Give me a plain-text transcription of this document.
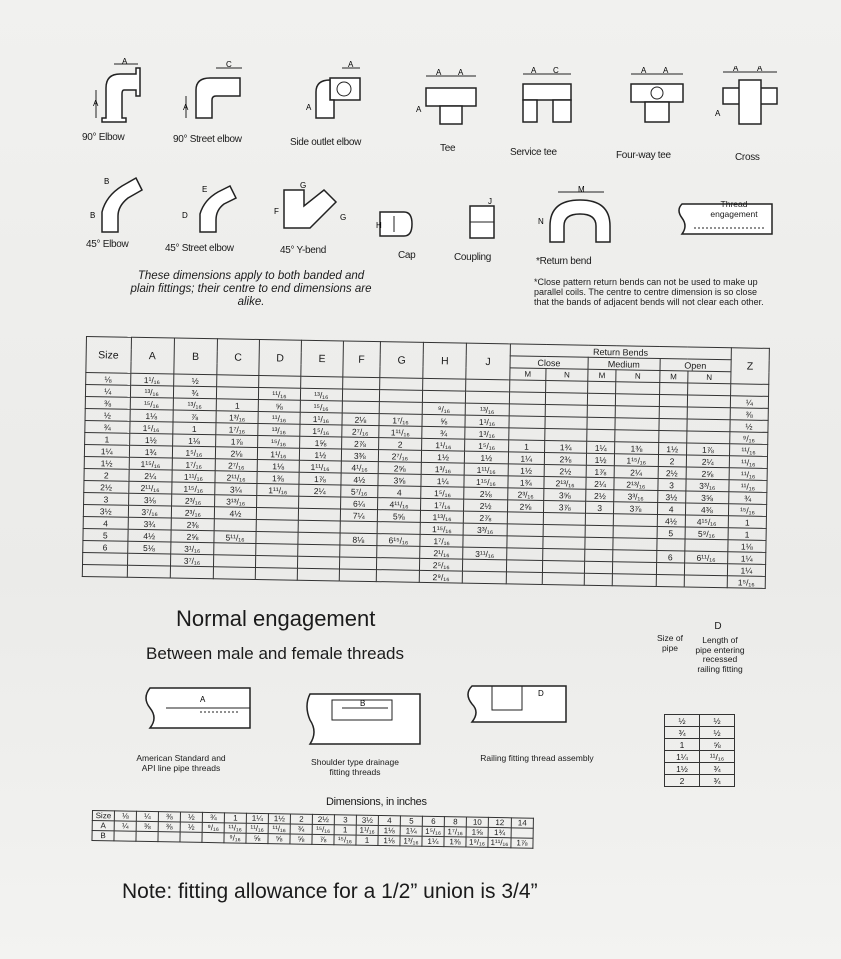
A
A
C
A
A
A
A A
A
A C	A A	A A
A
90° Elbow	90° Street elbow	Side outlet elbow
Tee	Service tee	Four-way tee	Cross
B
B
D
E
F
G
G
H
J
M
N
Thread engagement
45° Elbow	45° Street elbow	45° Y-bend	Cap	Coupling	*Return bend
These dimensions apply to both banded and plain fittings; their centre to end dimensions are alike.
*Close pattern return bends can not be used to make up parallel coils. The centre to centre dimension is so close that the bands of adjacent bends will not clear each other.
Size	A	B	C	D	E	F	G	H	J	Return Bends						Z
										Close		Medium		Open		
										M	N	M	N	M	N	
⅛	1¹/₁₆	½														
¼	¹³/₁₆	¾		¹¹/₁₆	¹³/₁₆											¼
⅜	¹⁵/₁₆	¹³/₁₆	1	⅝	¹⁵/₁₆			⁹/₁₆	¹³/₁₆							⅜
½	1⅛	⅞	1³/₁₆	¹¹/₁₆	1¹/₁₆	2⅛	1⁷/₁₆	⅝	1¹/₁₆							½
¾	1⁵/₁₆	1	1⁷/₁₆	¹³/₁₆	1⁵/₁₆	2⁷/₁₆	1¹¹/₁₆	¾	1³/₁₆							⁹/₁₆
1	1½	1⅛	1⅞	¹⁵/₁₆	1⅝	2⅞	2	1¹/₁₆	1⁵/₁₆	1	1¾	1¼	1⅜	1½	1⅞	¹¹/₁₆
1¼	1¾	1⁵/₁₆	2⅛	1¹/₁₆	1½	3⅜	2⁷/₁₆	1½	1½	1¼	2⅜	1½	1¹⁵/₁₆	2	2¼	¹¹/₁₆
1½	1¹⁵/₁₆	1⁷/₁₆	2⁷/₁₆	1⅛	1¹¹/₁₆	4¹/₁₆	2⅝	1³/₁₆	1¹¹/₁₆	1½	2½	1⅞	2¼	2½	2⅝	¹¹/₁₆
2	2¼	1¹¹/₁₆	2¹¹/₁₆	1⅜	1⅞	4½	3⅝	1¼	1¹⁵/₁₆	1¾	2¹³/₁₆	2¼	2¹³/₁₆	3	3³/₁₆	¹¹/₁₆
2½	2¹¹/₁₆	1¹⁵/₁₆	3¼	1¹¹/₁₆	2¼	5⁷/₁₆	4	1⁵/₁₆	2⅛	2³/₁₆	3⅝	2½	3³/₁₆	3½	3⅝	¾
3	3⅛	2³/₁₆	3¹³/₁₆			6¼	4¹¹/₁₆	1⁷/₁₆	2½	2⅝	3⅞	3	3⅞	4	4⅜	¹⁵/₁₆
3½	3⁷/₁₆	2³/₁₆	4½			7¼	5⅝	1¹³/₁₆	2⅞					4½	4¹⁵/₁₆	1
4	3¾	2⅜						1¹⁵/₁₆	3³/₁₆					5	5⁹/₁₆	1
5	4½	2⅝	5¹¹/₁₆			8⅛	6¹⁵/₁₆	1⁷/₁₆								1⅛
6	5⅛	3¹/₁₆						2¹/₁₆	3¹¹/₁₆					6	6¹¹/₁₆	1¼
		3⁷/₁₆						2⁵/₁₆								1¼
								2⁹/₁₆								1⁵/₁₆
Normal engagement
Between male and female threads
A	B
D
American Standard and API line pipe threads
Shoulder type drainage fitting threads
Railing fitting thread assembly
Size of pipe
D
Length of pipe entering recessed railing fitting
½	½
¾	½
1	⅝
1¼	¹¹/₁₆
1½	¾
2	¾
Dimensions, in inches
Size	⅛	¼	⅜	½	¾	1	1¼	1½	2	2½	3	3½	4	5	6	8	10	12	14
A	¼	⅜	⅜	½	⁹/₁₆	¹¹/₁₆	¹¹/₁₆	¹¹/₁₆	¾	¹⁵/₁₆	1	1¹/₁₆	1⅛	1¼	1⁵/₁₆	1⁷/₁₆	1⅝	1¾	
B						⁹/₁₆	⅝	⅝	⅝	⅞	¹⁵/₁₆	1	1⅛	1³/₁₆	1¼	1⅜	1⁹/₁₆	1¹¹/₁₆	1⅞
Note: fitting allowance for a 1/2” union is 3/4”
